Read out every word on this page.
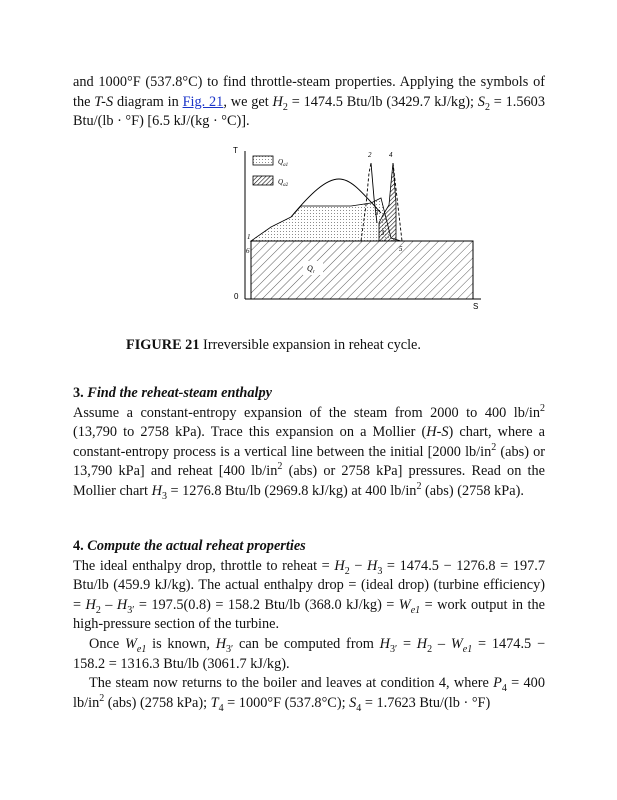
and 1000°F (537.8°C) to find throttle-steam properties. Applying the symbols of the T-S diagram in Fig. 21, we get $H_2 = 1474.5$ Btu/lb (3429.7 kJ/kg); $S_2 = 1.5603$ Btu/(lb · °F) [6.5 kJ/(kg · °C)].

T
S
0
$Q_{a1}$
$Q_{a2}$
$Q_r$
1
6
2	4
3'
3
5

FIGURE 21 Irreversible expansion in reheat cycle.

3. Find the reheat-steam enthalpy

Assume a constant-entropy expansion of the steam from 2000 to 400 $lb/in^2$ (13,790 to 2758 kPa). Trace this expansion on a Mollier (H-S) chart, where a constant-entropy process is a vertical line between the initial [2000 $lb/in^2$ (abs) or 13,790 kPa] and reheat [400 $lb/in^2$ (abs) or 2758 kPa] pressures. Read on the Mollier chart $H_3 = 1276.8$ Btu/lb (2969.8 kJ/kg) at 400 $lb/in^2$ (abs) (2758 kPa).

4. Compute the actual reheat properties

The ideal enthalpy drop, throttle to reheat = $H_2 - H_3 = 1474.5 - 1276.8 = 197.7$ Btu/lb (459.9 kJ/kg). The actual enthalpy drop = (ideal drop) (turbine efficiency) = $H_2 - H_{3'} = 197.5(0.8) = 158.2$ Btu/lb (368.0 $kJ/kg) = W_{e1}$ = work output in the high-pressure section of the turbine.

Once $W_{e1}$ is known, $H_{3'}$ can be computed from $H_{3'} = H_2 - W_{e1} = 1474.5 - 158.2 = 1316.3$ Btu/lb (3061.7 kJ/kg).

The steam now returns to the boiler and leaves at condition 4, where $P_4 = 400$ $lb/in^2$ (abs) (2758 kPa); $T_4 = 1000^\circ F$ (537.8°C); $S_4 = 1.7623$ Btu/(lb · °F)
